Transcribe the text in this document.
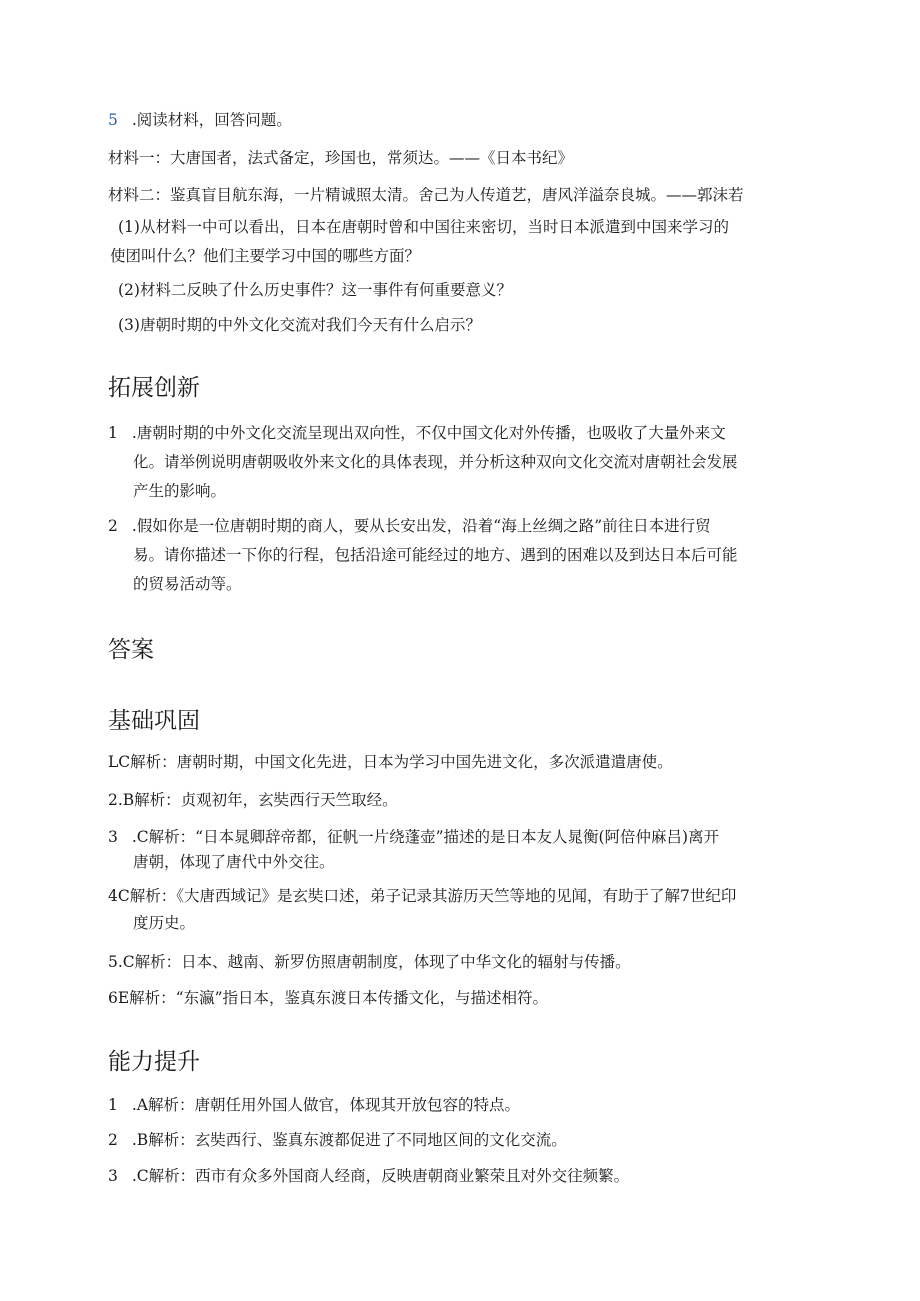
5 .阅读材料，回答问题。
材料一：大唐国者，法式备定，珍国也，常须达。——《日本书纪》
材料二：鉴真盲目航东海，一片精诚照太清。舍己为人传道艺，唐风洋溢奈良城。——郭沫若
(1)从材料一中可以看出，日本在唐朝时曾和中国往来密切，当时日本派遣到中国来学习的
使团叫什么？他们主要学习中国的哪些方面？
(2)材料二反映了什么历史事件？这一事件有何重要意义？
(3)唐朝时期的中外文化交流对我们今天有什么启示？
拓展创新
1 .唐朝时期的中外文化交流呈现出双向性，不仅中国文化对外传播，也吸收了大量外来文
化。请举例说明唐朝吸收外来文化的具体表现，并分析这种双向文化交流对唐朝社会发展
产生的影响。
2 .假如你是一位唐朝时期的商人，要从长安出发，沿着“海上丝绸之路”前往日本进行贸
易。请你描述一下你的行程，包括沿途可能经过的地方、遇到的困难以及到达日本后可能
的贸易活动等。
答案
基础巩固
LC解析：唐朝时期，中国文化先进，日本为学习中国先进文化，多次派遣遣唐使。
2.B解析：贞观初年，玄奘西行天竺取经。
3 .C解析：“日本晁卿辞帝都，征帆一片绕蓬壶”描述的是日本友人晁衡(阿倍仲麻吕)离开
唐朝，体现了唐代中外交往。
4C解析：《大唐西域记》是玄奘口述，弟子记录其游历天竺等地的见闻，有助于了解7世纪印
度历史。
5.C解析：日本、越南、新罗仿照唐朝制度，体现了中华文化的辐射与传播。
6E解析：“东瀛”指日本，鉴真东渡日本传播文化，与描述相符。
能力提升
1 .A解析：唐朝任用外国人做官，体现其开放包容的特点。
2 .B解析：玄奘西行、鉴真东渡都促进了不同地区间的文化交流。
3 .C解析：西市有众多外国商人经商，反映唐朝商业繁荣且对外交往频繁。
